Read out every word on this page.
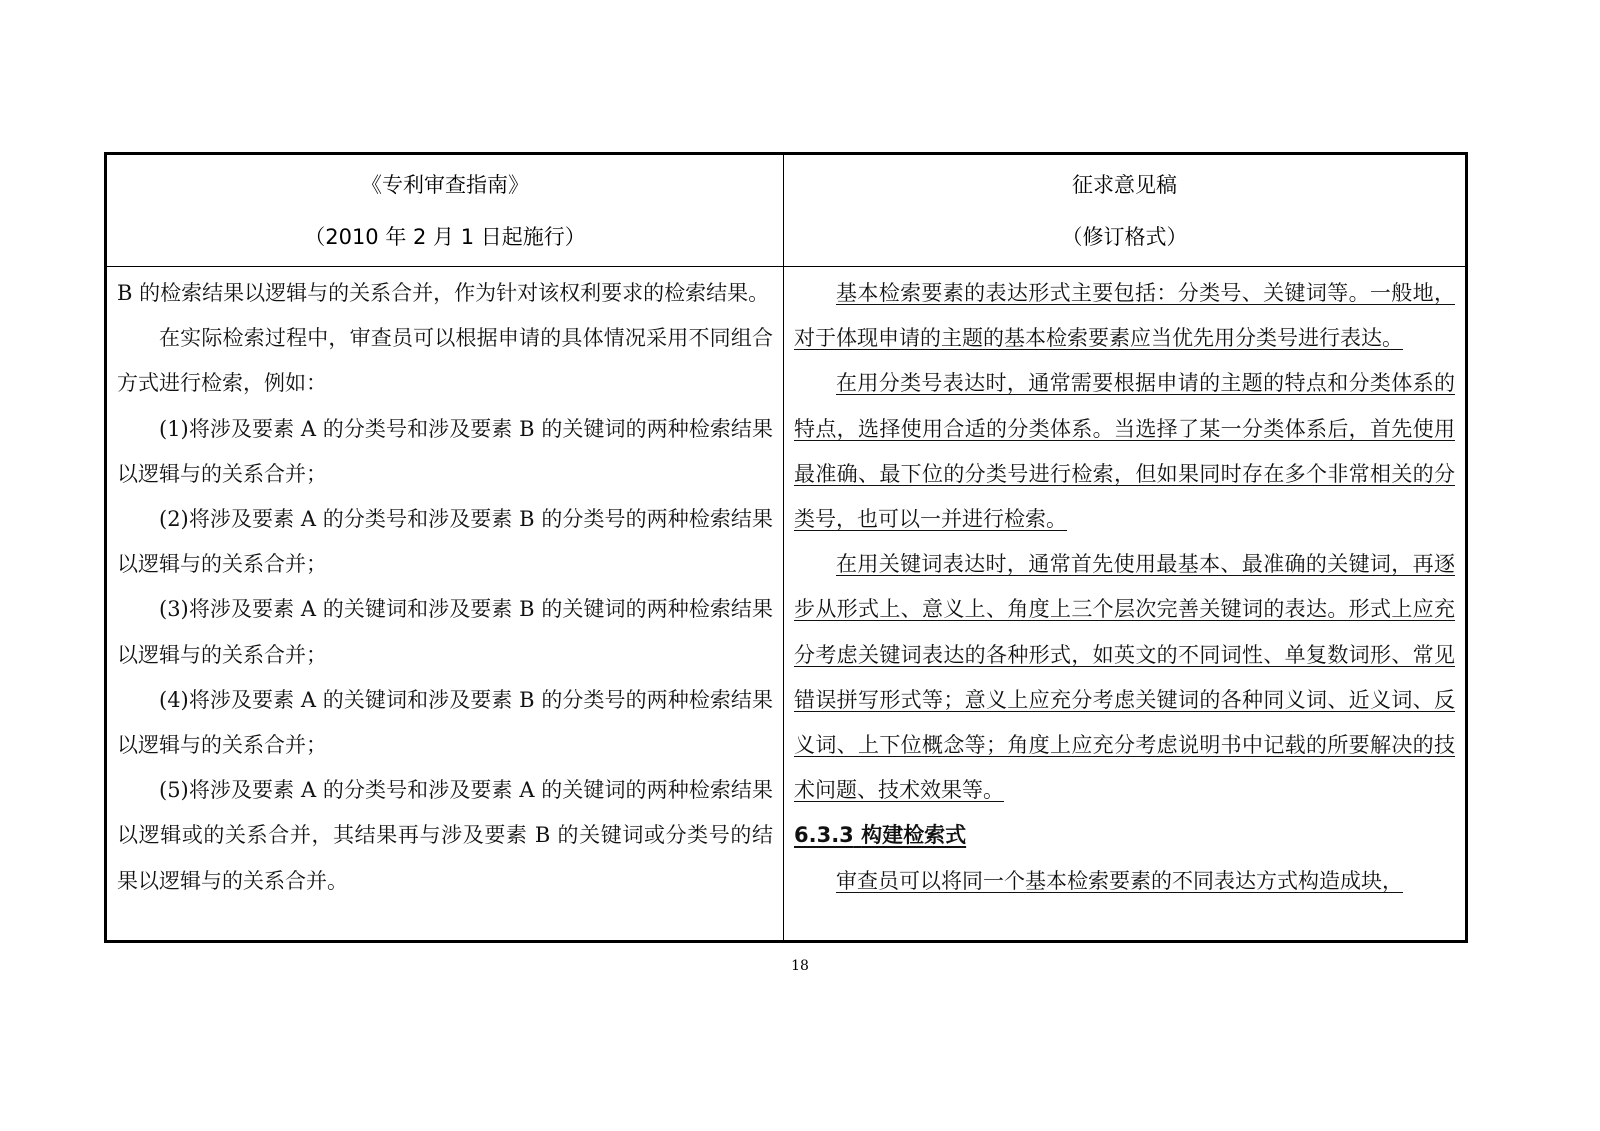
《专利审查指南》
（2010 年 2 月 1 日起施行）
征求意见稿
（修订格式）

B 的检索结果以逻辑与的关系合并，作为针对该权利要求的检索结果。

在实际检索过程中，审查员可以根据申请的具体情况采用不同组合方式进行检索，例如：

(1)将涉及要素 A 的分类号和涉及要素 B 的关键词的两种检索结果以逻辑与的关系合并；

(2)将涉及要素 A 的分类号和涉及要素 B 的分类号的两种检索结果以逻辑与的关系合并；

(3)将涉及要素 A 的关键词和涉及要素 B 的关键词的两种检索结果以逻辑与的关系合并；

(4)将涉及要素 A 的关键词和涉及要素 B 的分类号的两种检索结果以逻辑与的关系合并；

(5)将涉及要素 A 的分类号和涉及要素 A 的关键词的两种检索结果以逻辑或的关系合并，其结果再与涉及要素 B 的关键词或分类号的结果以逻辑与的关系合并。

基本检索要素的表达形式主要包括：分类号、关键词等。一般地，对于体现申请的主题的基本检索要素应当优先用分类号进行表达。

在用分类号表达时，通常需要根据申请的主题的特点和分类体系的特点，选择使用合适的分类体系。当选择了某一分类体系后，首先使用最准确、最下位的分类号进行检索，但如果同时存在多个非常相关的分类号，也可以一并进行检索。

在用关键词表达时，通常首先使用最基本、最准确的关键词，再逐步从形式上、意义上、角度上三个层次完善关键词的表达。形式上应充分考虑关键词表达的各种形式，如英文的不同词性、单复数词形、常见错误拼写形式等；意义上应充分考虑关键词的各种同义词、近义词、反义词、上下位概念等；角度上应充分考虑说明书中记载的所要解决的技术问题、技术效果等。

6.3.3 构建检索式

审查员可以将同一个基本检索要素的不同表达方式构造成块，

18
